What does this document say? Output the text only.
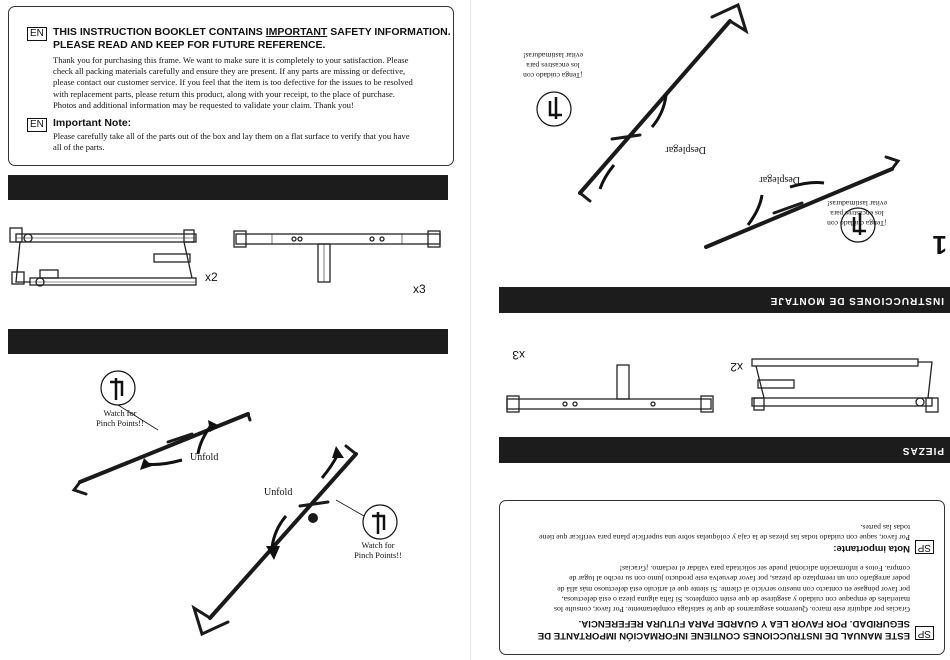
EN THIS INSTRUCTION BOOKLET CONTAINS IMPORTANT SAFETY INFORMATION.
PLEASE READ AND KEEP FOR FUTURE REFERENCE.
Thank you for purchasing this frame. We want to make sure it is completely to your satisfaction. Please
check all packing materials carefully and ensure they are present. If any parts are missing or defective,
please contact our customer service. If you feel that the item is too defective for the issues to be resolved
with replacement parts, please return this product, along with your receipt, to the place of purchase.
Photos and additional information may be requested to validate your claim. Thank you!
EN Important Note:
Please carefully take all of the parts out of the box and lay them on a flat surface to verify that you have
all of the parts.
x2
x3
Watch for
Pinch Points!!
Unfold
Unfold
Watch for
Pinch Points!!
SP
ESTE MANUAL DE INSTRUCCIONES CONTIENE INFORMACIÓN IMPORTANTE DE
SEGURIDAD. POR FAVOR LEA Y GUARDE PARA FUTURA REFERENCIA.
Gracias por adquirir este marco. Queremos asegurarnos de que le satisfaga completamente. Por favor, consulte los
materiales de empaque con cuidado y asegúrese de que estén completos. Si falta alguna pieza o está defectuosa,
por favor póngase en contacto con nuestro servicio al cliente. Si siente que el artículo está defectuoso más allá de
poder arreglarlo con un reemplazo de piezas, por favor devuelva este producto junto con su recibo al lugar de
compra. Fotos e información adicional puede ser solicitada para validar el reclamo. ¡Gracias!
SP
Nota importante:
Por favor, saque con cuidado todas las piezas de la caja y colóquelas sobre una superficie plana para verificar que tiene
todas las partes.
PIEZAS
x2
x3
INSTRUCCIONES DE MONTAJE
1
¡Tenga cuidado con
los encastres para
evitar lastimaduras!
Desplegar
Desplegar
¡Tenga cuidado con
los encastres para
evitar lastimaduras!
